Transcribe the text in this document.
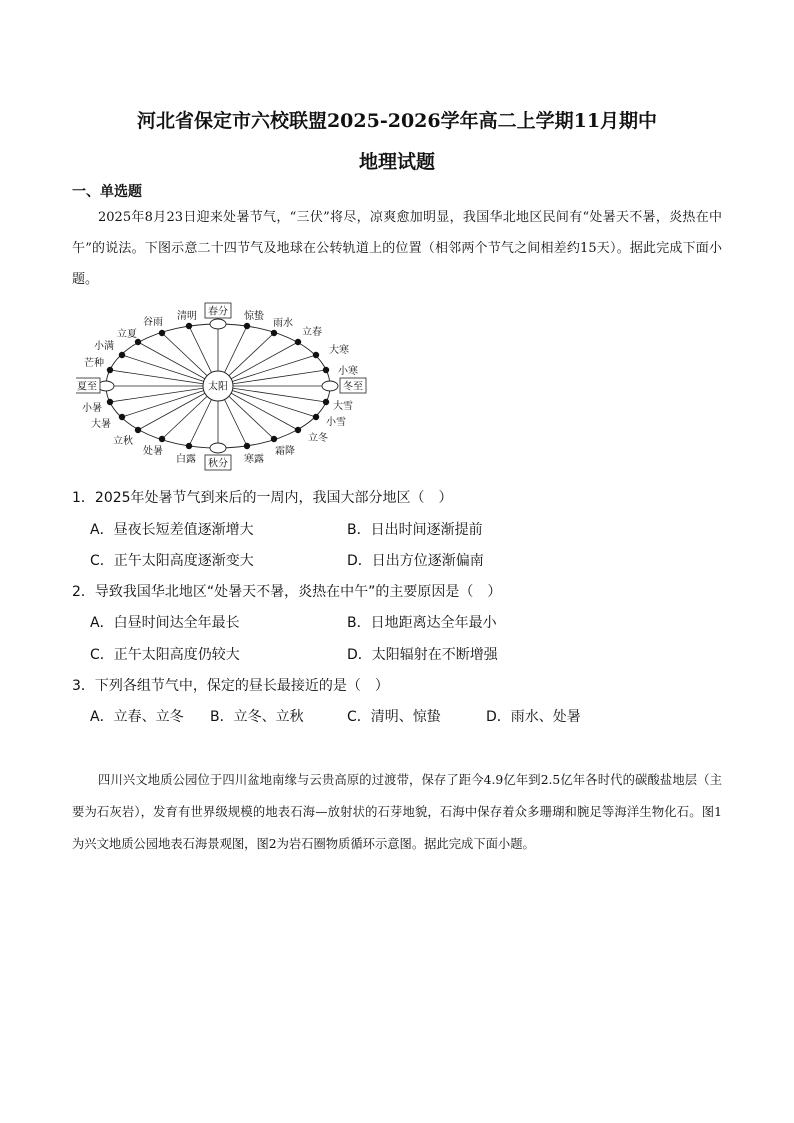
河北省保定市六校联盟2025-2026学年高二上学期11月期中
地理试题
一、单选题
2025年8月23日迎来处暑节气，“三伏”将尽，凉爽愈加明显，我国华北地区民间有“处暑天不暑，炎热在中午”的说法。下图示意二十四节气及地球在公转轨道上的位置（相邻两个节气之间相差约15天）。据此完成下面小题。
太阳
春分
秋分
夏至	冬至
清明
谷雨
立夏
小满
芒种
惊蛰
雨水
立春
大寒
小寒
小暑
大暑
立秋
处暑
白露	寒露
霜降
立冬
小雪
大雪
1．2025年处暑节气到来后的一周内，我国大部分地区（　）
A．昼夜长短差值逐渐增大	B．日出时间逐渐提前
C．正午太阳高度逐渐变大	D．日出方位逐渐偏南
2．导致我国华北地区“处暑天不暑，炎热在中午”的主要原因是（　）
A．白昼时间达全年最长	B．日地距离达全年最小
C．正午太阳高度仍较大	D．太阳辐射在不断增强
3．下列各组节气中，保定的昼长最接近的是（　）
A．立春、立冬 B．立冬、立秋	C．清明、惊蛰	D．雨水、处暑
四川兴文地质公园位于四川盆地南缘与云贵高原的过渡带，保存了距今4.9亿年到2.5亿年各时代的碳酸盐地层（主要为石灰岩），发育有世界级规模的地表石海—放射状的石芽地貌，石海中保存着众多珊瑚和腕足等海洋生物化石。图1为兴文地质公园地表石海景观图，图2为岩石圈物质循环示意图。据此完成下面小题。
